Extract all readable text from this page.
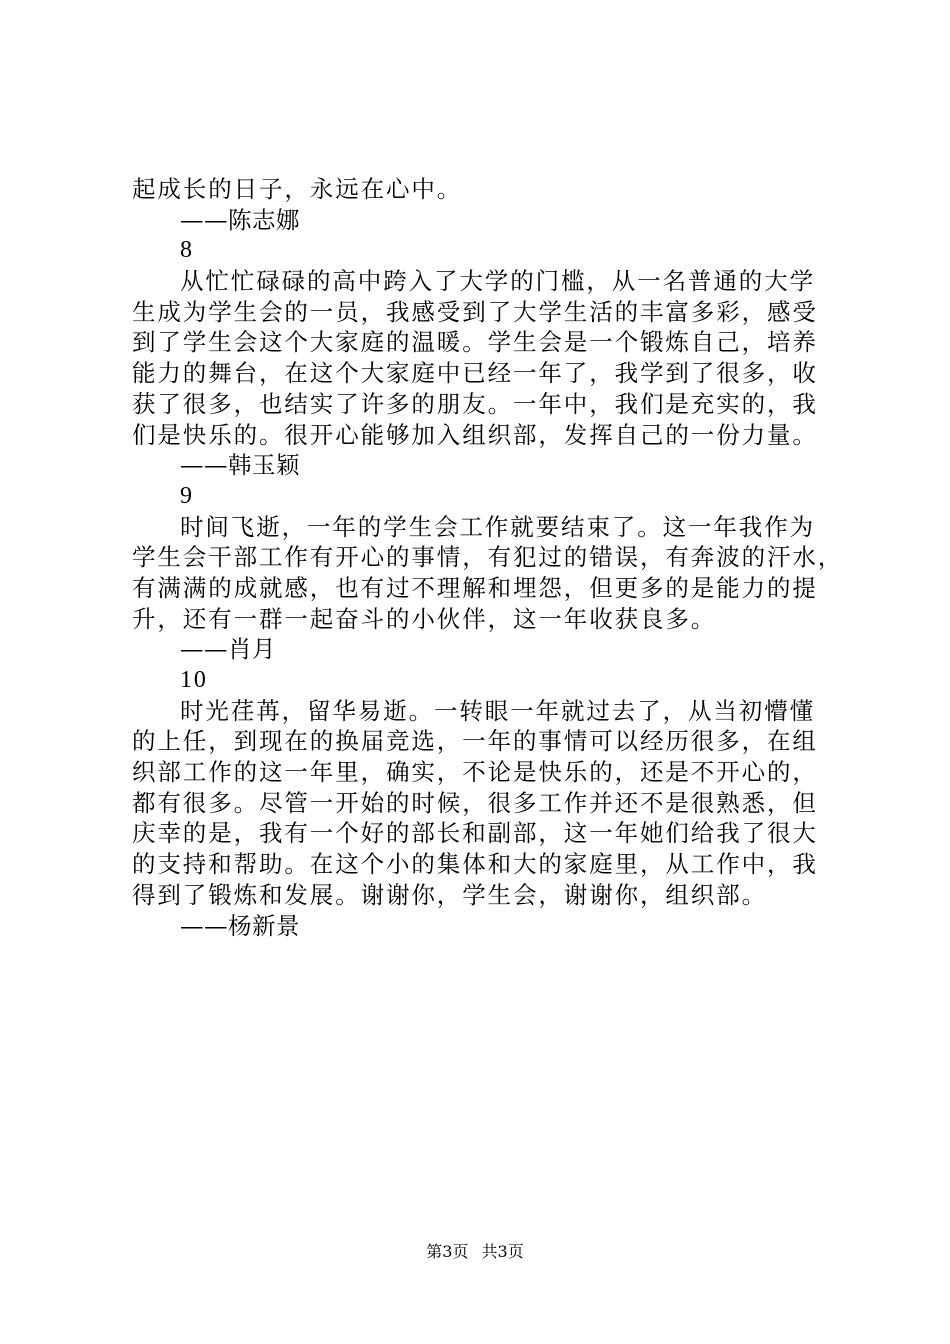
起成长的日子，永远在心中。
——陈志娜
8
从忙忙碌碌的高中跨入了大学的门槛，从一名普通的大学
生成为学生会的一员，我感受到了大学生活的丰富多彩，感受
到了学生会这个大家庭的温暖。学生会是一个锻炼自己，培养
能力的舞台，在这个大家庭中已经一年了，我学到了很多，收
获了很多，也结实了许多的朋友。一年中，我们是充实的，我
们是快乐的。很开心能够加入组织部，发挥自己的一份力量。
——韩玉颖
9
时间飞逝，一年的学生会工作就要结束了。这一年我作为
学生会干部工作有开心的事情，有犯过的错误，有奔波的汗水，
有满满的成就感，也有过不理解和埋怨，但更多的是能力的提
升，还有一群一起奋斗的小伙伴，这一年收获良多。
——肖月
10
时光荏苒，留华易逝。一转眼一年就过去了，从当初懵懂
的上任，到现在的换届竞选，一年的事情可以经历很多，在组
织部工作的这一年里，确实，不论是快乐的，还是不开心的，
都有很多。尽管一开始的时候，很多工作并还不是很熟悉，但
庆幸的是，我有一个好的部长和副部，这一年她们给我了很大
的支持和帮助。在这个小的集体和大的家庭里，从工作中，我
得到了锻炼和发展。谢谢你，学生会，谢谢你，组织部。
——杨新景
第3页 共3页
